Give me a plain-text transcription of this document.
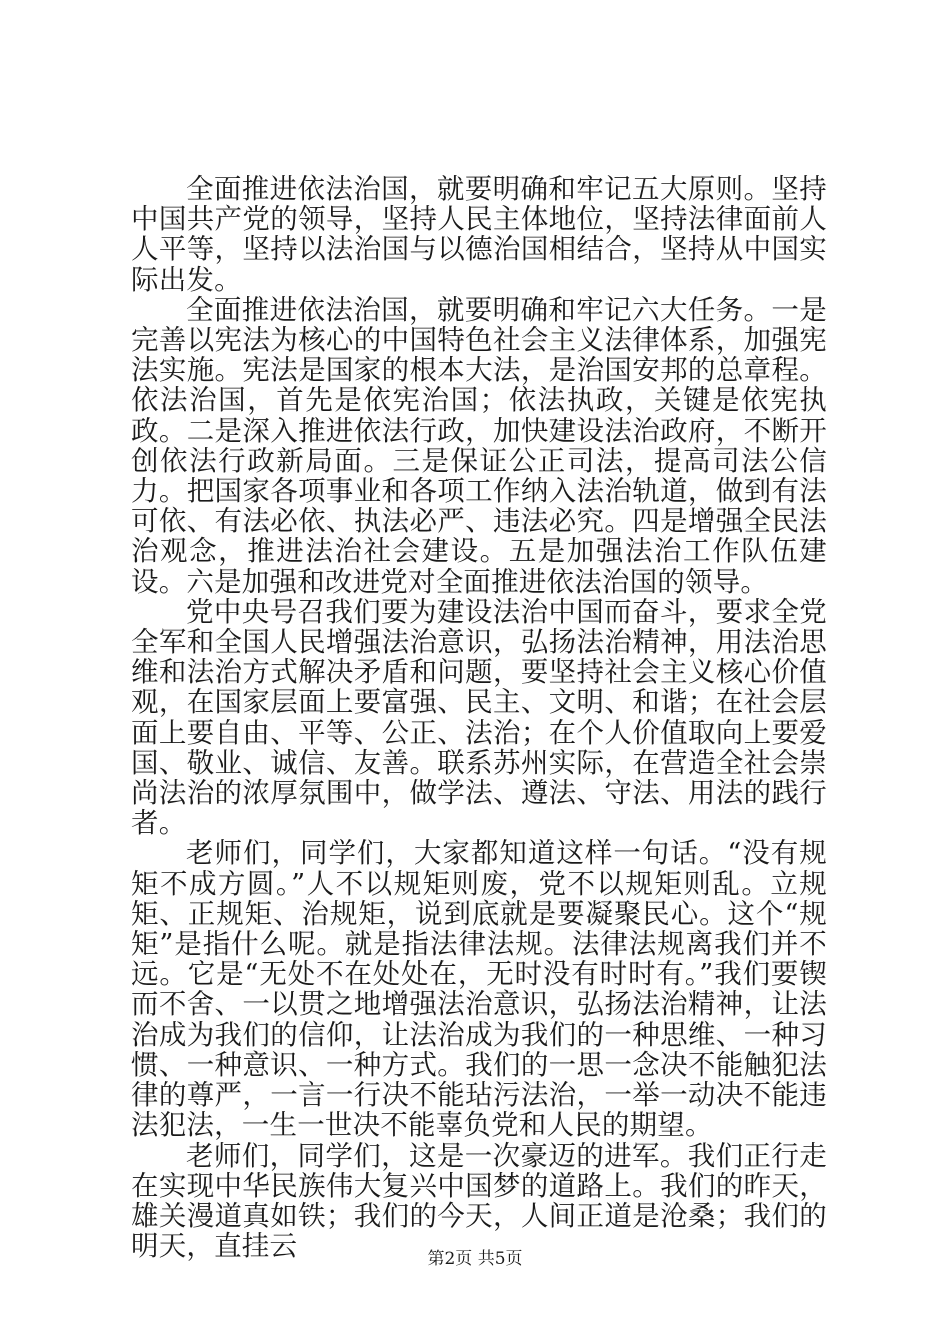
全面推进依法治国，就要明确和牢记五大原则。坚持中国共产党的领导，坚持人民主体地位，坚持法律面前人人平等，坚持以法治国与以德治国相结合，坚持从中国实际出发。

全面推进依法治国，就要明确和牢记六大任务。一是完善以宪法为核心的中国特色社会主义法律体系，加强宪法实施。宪法是国家的根本大法，是治国安邦的总章程。依法治国，首先是依宪治国；依法执政，关键是依宪执政。二是深入推进依法行政，加快建设法治政府，不断开创依法行政新局面。三是保证公正司法，提高司法公信力。把国家各项事业和各项工作纳入法治轨道，做到有法可依、有法必依、执法必严、违法必究。四是增强全民法治观念，推进法治社会建设。五是加强法治工作队伍建设。六是加强和改进党对全面推进依法治国的领导。

党中央号召我们要为建设法治中国而奋斗，要求全党全军和全国人民增强法治意识，弘扬法治精神，用法治思维和法治方式解决矛盾和问题，要坚持社会主义核心价值观，在国家层面上要富强、民主、文明、和谐；在社会层面上要自由、平等、公正、法治；在个人价值取向上要爱国、敬业、诚信、友善。联系苏州实际，在营造全社会崇尚法治的浓厚氛围中，做学法、遵法、守法、用法的践行者。

老师们，同学们，大家都知道这样一句话。“没有规矩不成方圆。”人不以规矩则废，党不以规矩则乱。立规矩、正规矩、治规矩，说到底就是要凝聚民心。这个“规矩”是指什么呢。就是指法律法规。法律法规离我们并不远。它是“无处不在处处在，无时没有时时有。”我们要锲而不舍、一以贯之地增强法治意识，弘扬法治精神，让法治成为我们的信仰，让法治成为我们的一种思维、一种习惯、一种意识、一种方式。我们的一思一念决不能触犯法律的尊严，一言一行决不能玷污法治，一举一动决不能违法犯法，一生一世决不能辜负党和人民的期望。

老师们，同学们，这是一次豪迈的进军。我们正行走在实现中华民族伟大复兴中国梦的道路上。我们的昨天，雄关漫道真如铁；我们的今天，人间正道是沧桑；我们的明天，直挂云	第2页 共5页
